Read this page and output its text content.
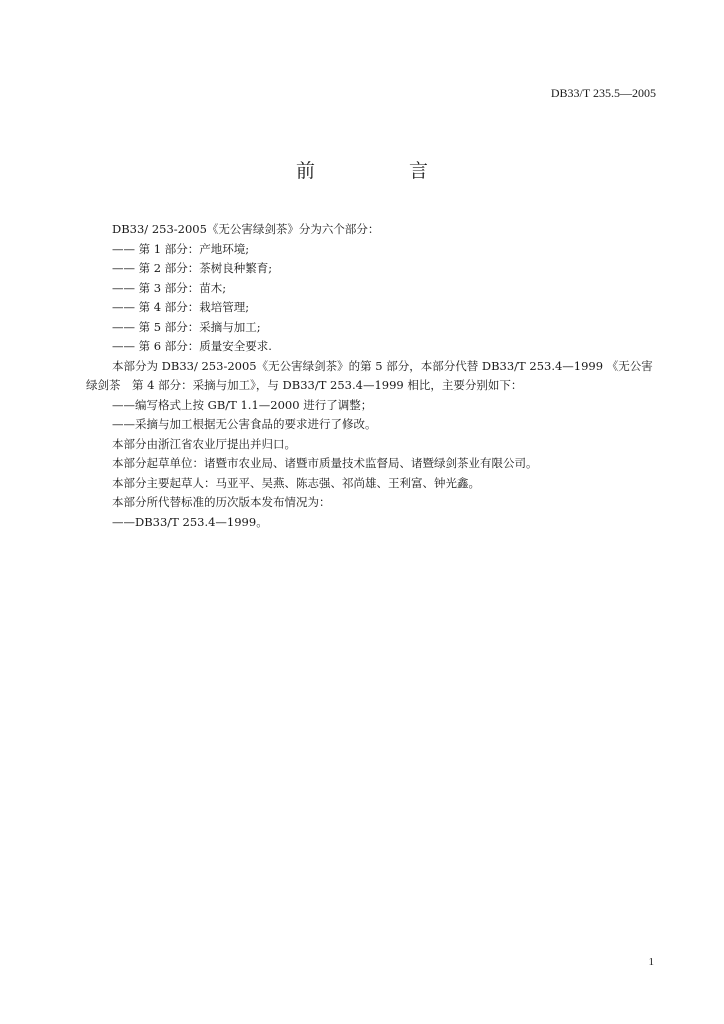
DB33/T 235.5—2005
前 言

DB33/ 253-2005《无公害绿剑茶》分为六个部分：

—— 第 1 部分：产地环境;

—— 第 2 部分：茶树良种繁育;

—— 第 3 部分：苗木;

—— 第 4 部分：栽培管理;

—— 第 5 部分：采摘与加工;

—— 第 6 部分：质量安全要求.

本部分为 DB33/ 253-2005《无公害绿剑茶》的第 5 部分，本部分代替 DB33/T 253.4—1999 《无公害绿剑茶　第 4 部分：采摘与加工》，与 DB33/T 253.4—1999 相比，主要分别如下：

——编写格式上按 GB/T 1.1—2000 进行了调整；

——采摘与加工根据无公害食品的要求进行了修改。

本部分由浙江省农业厅提出并归口。

本部分起草单位：诸暨市农业局、诸暨市质量技术监督局、诸暨绿剑茶业有限公司。

本部分主要起草人：马亚平、吴燕、陈志强、祁尚雄、王利富、钟光鑫。

本部分所代替标准的历次版本发布情况为：

——DB33/T 253.4—1999。

1
